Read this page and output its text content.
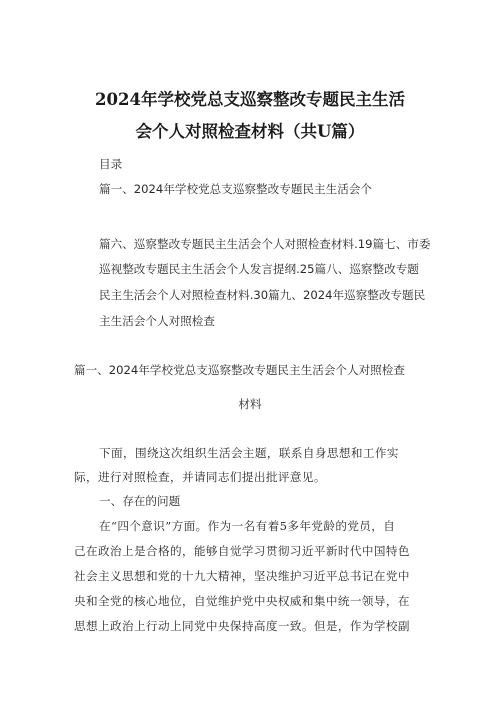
2024年学校党总支巡察整改专题民主生活
会个人对照检查材料（共U篇）
目录
篇一、2024年学校党总支巡察整改专题民主生活会个
篇六、巡察整改专题民主生活会个人对照检查材料.19篇七、市委
巡视整改专题民主生活会个人发言提纲.25篇八、巡察整改专题
民主生活会个人对照检查材料.30篇九、2024年巡察整改专题民
主生活会个人对照检查
篇一、2024年学校党总支巡察整改专题民主生活会个人对照检查
材料
下面，围绕这次组织生活会主题，联系自身思想和工作实
际，进行对照检查，并请同志们提出批评意见。
一、存在的问题
在“四个意识”方面。作为一名有着5多年党龄的党员，自
己在政治上是合格的，能够自觉学习贯彻习近平新时代中国特色
社会主义思想和党的十九大精神，坚决维护习近平总书记在党中
央和全党的核心地位，自觉维护党中央权威和集中统一领导，在
思想上政治上行动上同党中央保持高度一致。但是，作为学校副
